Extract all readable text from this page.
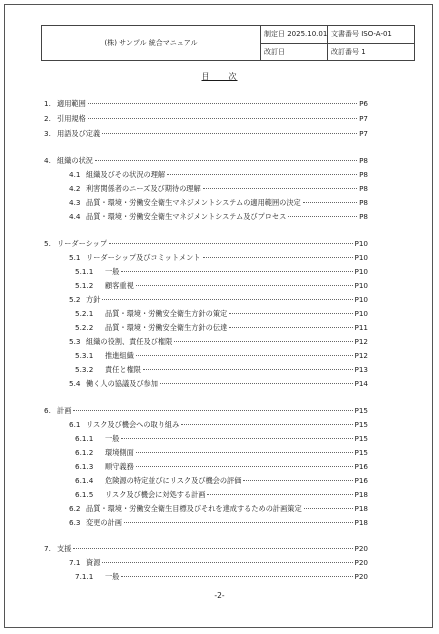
(株) サンプル 統合マニュアル	制定日 2025.10.01	文書番号 ISO-A-01
	改訂日	改訂番号 1
目　　次
1. 適用範囲	P6
2. 引用規格	P7
3. 用語及び定義	P7
4. 組織の状況	P8
4.1 組織及びその状況の理解	P8
4.2 利害関係者のニーズ及び期待の理解	P8
4.3 品質・環境・労働安全衛生マネジメントシステムの適用範囲の決定	P8
4.4 品質・環境・労働安全衛生マネジメントシステム及びプロセス	P8
5. リーダーシップ	P10
5.1 リーダーシップ及びコミットメント	P10
5.1.1	一般	P10
5.1.2	顧客重視	P10
5.2 方針	P10
5.2.1	品質・環境・労働安全衛生方針の策定	P10
5.2.2	品質・環境・労働安全衛生方針の伝達	P11
5.3 組織の役割、責任及び権限	P12
5.3.1	推進組織	P12
5.3.2	責任と権限	P13
5.4 働く人の協議及び参加	P14
6. 計画	P15
6.1 リスク及び機会への取り組み	P15
6.1.1	一般	P15
6.1.2	環境側面	P15
6.1.3	順守義務	P16
6.1.4	危険源の特定並びにリスク及び機会の評価	P16
6.1.5	リスク及び機会に対処する計画	P18
6.2 品質・環境・労働安全衛生目標及びそれを達成するための計画策定	P18
6.3 変更の計画	P18
7. 支援	P20
7.1 資源	P20
7.1.1	一般	P20
-2-
